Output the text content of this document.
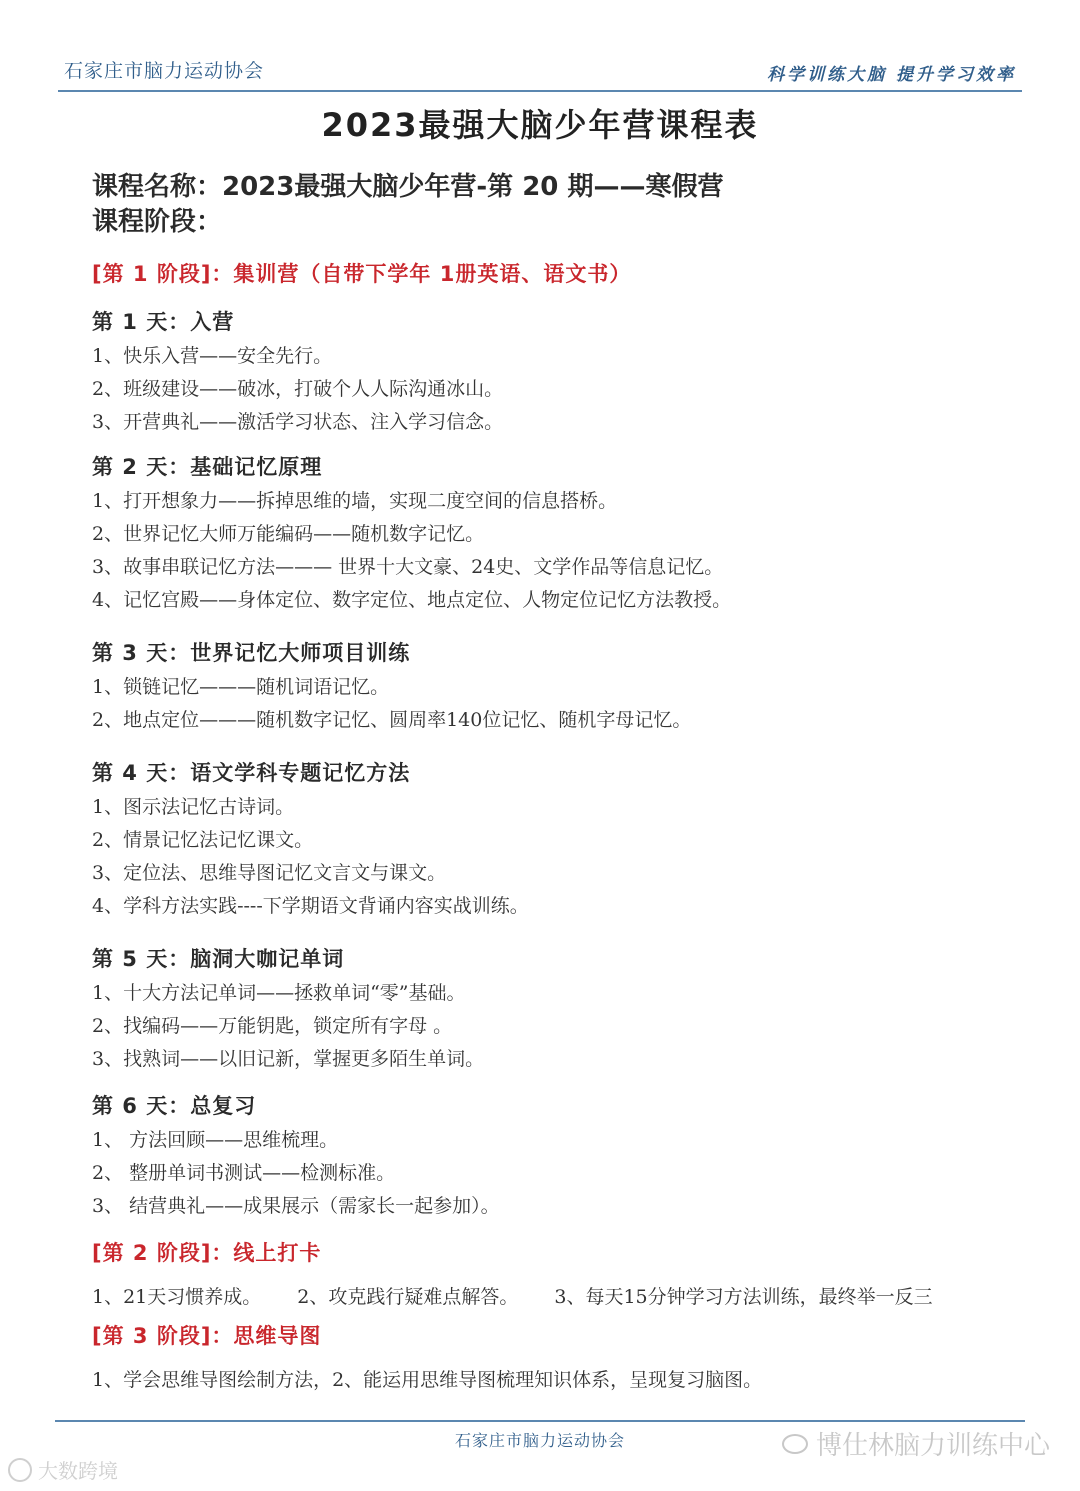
石家庄市脑力运动协会	科学训练大脑 提升学习效率
2023最强大脑少年营课程表
课程名称：2023最强大脑少年营-第 20 期——寒假营
课程阶段：
[第 1 阶段]：集训营（自带下学年 1册英语、语文书）
第 1 天：入营
1、快乐入营——安全先行。
2、班级建设——破冰，打破个人人际沟通冰山。
3、开营典礼——激活学习状态、注入学习信念。
第 2 天：基础记忆原理
1、打开想象力——拆掉思维的墙，实现二度空间的信息搭桥。
2、世界记忆大师万能编码——随机数字记忆。
3、故事串联记忆方法——— 世界十大文豪、24史、文学作品等信息记忆。
4、记忆宫殿——身体定位、数字定位、地点定位、人物定位记忆方法教授。
第 3 天：世界记忆大师项目训练
1、锁链记忆———随机词语记忆。
2、地点定位———随机数字记忆、圆周率140位记忆、随机字母记忆。
第 4 天：语文学科专题记忆方法
1、图示法记忆古诗词。
2、情景记忆法记忆课文。
3、定位法、思维导图记忆文言文与课文。
4、学科方法实践----下学期语文背诵内容实战训练。
第 5 天：脑洞大咖记单词
1、十大方法记单词——拯救单词“零”基础。
2、找编码——万能钥匙，锁定所有字母 。
3、找熟词——以旧记新，掌握更多陌生单词。
第 6 天：总复习
1、 方法回顾——思维梳理。
2、 整册单词书测试——检测标准。
3、 结营典礼——成果展示（需家长一起参加）。
[第 2 阶段]：线上打卡
1、21天习惯养成。 2、攻克践行疑难点解答。 3、每天15分钟学习方法训练，最终举一反三
[第 3 阶段]：思维导图
1、学会思维导图绘制方法，2、能运用思维导图梳理知识体系，呈现复习脑图。
石家庄市脑力运动协会	博仕林脑力训练中心
大数跨境
